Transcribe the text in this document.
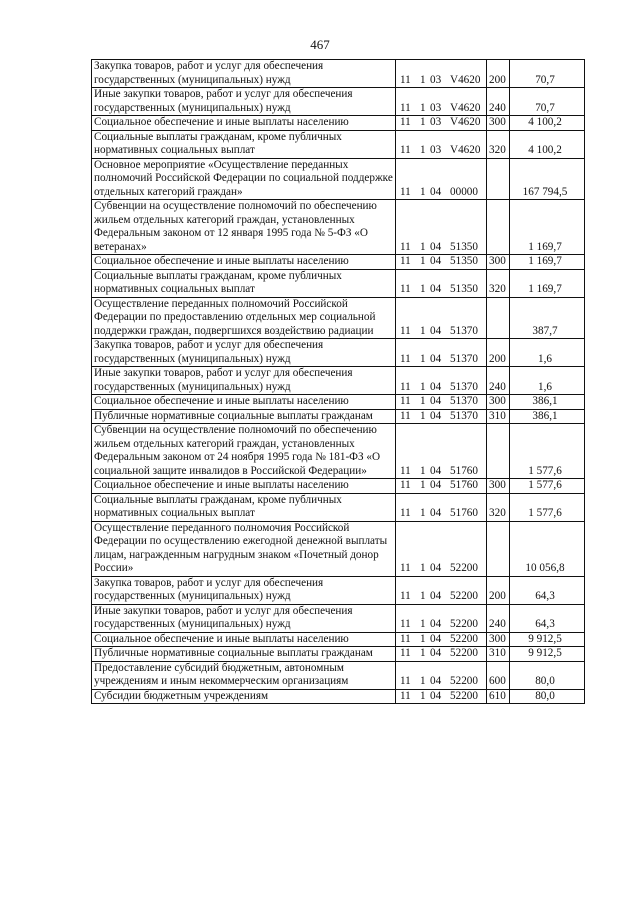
467
Закупка товаров, работ и услуг для обеспечения государственных (муниципальных) нужд	11 1 03 V4620	200	70,7
Иные закупки товаров, работ и услуг для обеспечения государственных (муниципальных) нужд	11 1 03 V4620	240	70,7
Социальное обеспечение и иные выплаты населению	11 1 03 V4620	300	4 100,2
Социальные выплаты гражданам, кроме публичных нормативных социальных выплат	11 1 03 V4620	320	4 100,2
Основное мероприятие «Осуществление переданных полномочий Российской Федерации по социальной поддержке отдельных категорий граждан»	11 1 04 00000		167 794,5
Субвенции на осуществление полномочий по обеспечению жильем отдельных категорий граждан, установленных Федеральным законом от 12 января 1995 года № 5-ФЗ «О ветеранах»	11 1 04 51350		1 169,7
Социальное обеспечение и иные выплаты населению	11 1 04 51350	300	1 169,7
Социальные выплаты гражданам, кроме публичных нормативных социальных выплат	11 1 04 51350	320	1 169,7
Осуществление переданных полномочий Российской Федерации по предоставлению отдельных мер социальной поддержки граждан, подвергшихся воздействию радиации	11 1 04 51370		387,7
Закупка товаров, работ и услуг для обеспечения государственных (муниципальных) нужд	11 1 04 51370	200	1,6
Иные закупки товаров, работ и услуг для обеспечения государственных (муниципальных) нужд	11 1 04 51370	240	1,6
Социальное обеспечение и иные выплаты населению	11 1 04 51370	300	386,1
Публичные нормативные социальные выплаты гражданам	11 1 04 51370	310	386,1
Субвенции на осуществление полномочий по обеспечению жильем отдельных категорий граждан, установленных Федеральным законом от 24 ноября 1995 года № 181-ФЗ «О социальной защите инвалидов в Российской Федерации»	11 1 04 51760		1 577,6
Социальное обеспечение и иные выплаты населению	11 1 04 51760	300	1 577,6
Социальные выплаты гражданам, кроме публичных нормативных социальных выплат	11 1 04 51760	320	1 577,6
Осуществление переданного полномочия Российской Федерации по осуществлению ежегодной денежной выплаты лицам, награжденным нагрудным знаком «Почетный донор России»	11 1 04 52200		10 056,8
Закупка товаров, работ и услуг для обеспечения государственных (муниципальных) нужд	11 1 04 52200	200	64,3
Иные закупки товаров, работ и услуг для обеспечения государственных (муниципальных) нужд	11 1 04 52200	240	64,3
Социальное обеспечение и иные выплаты населению	11 1 04 52200	300	9 912,5
Публичные нормативные социальные выплаты гражданам	11 1 04 52200	310	9 912,5
Предоставление субсидий бюджетным, автономным учреждениям и иным некоммерческим организациям	11 1 04 52200	600	80,0
Субсидии бюджетным учреждениям	11 1 04 52200	610	80,0
